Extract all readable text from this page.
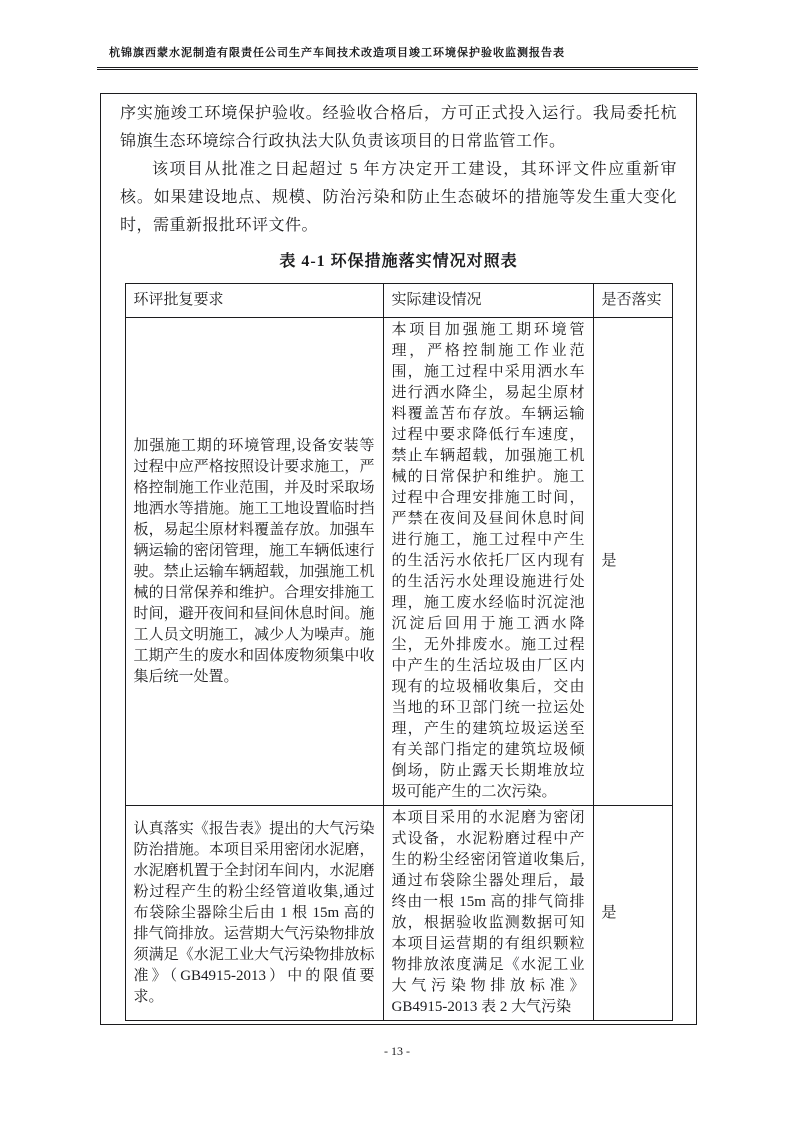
杭锦旗西蒙水泥制造有限责任公司生产车间技术改造项目竣工环境保护验收监测报告表

序实施竣工环境保护验收。经验收合格后，方可正式投入运行。我局委托杭锦旗生态环境综合行政执法大队负责该项目的日常监管工作。

该项目从批准之日起超过 5 年方决定开工建设，其环评文件应重新审核。如果建设地点、规模、防治污染和防止生态破坏的措施等发生重大变化时，需重新报批环评文件。

表 4-1 环保措施落实情况对照表
环评批复要求	实际建设情况	是否落实
加强施工期的环境管理,设备安装等过程中应严格按照设计要求施工，严格控制施工作业范围，并及时采取场地洒水等措施。施工工地设置临时挡板，易起尘原材料覆盖存放。加强车辆运输的密闭管理，施工车辆低速行驶。禁止运输车辆超载，加强施工机械的日常保养和维护。合理安排施工时间，避开夜间和昼间休息时间。施工人员文明施工，减少人为噪声。施工期产生的废水和固体废物须集中收集后统一处置。	本项目加强施工期环境管理，严格控制施工作业范围，施工过程中采用洒水车进行洒水降尘，易起尘原材料覆盖苫布存放。车辆运输过程中要求降低行车速度，禁止车辆超载，加强施工机械的日常保护和维护。施工过程中合理安排施工时间，严禁在夜间及昼间休息时间进行施工，施工过程中产生的生活污水依托厂区内现有的生活污水处理设施进行处理，施工废水经临时沉淀池沉淀后回用于施工洒水降尘，无外排废水。施工过程中产生的生活垃圾由厂区内现有的垃圾桶收集后，交由当地的环卫部门统一拉运处理，产生的建筑垃圾运送至有关部门指定的建筑垃圾倾倒场，防止露天长期堆放垃圾可能产生的二次污染。	是
认真落实《报告表》提出的大气污染防治措施。本项目采用密闭水泥磨，水泥磨机置于全封闭车间内，水泥磨粉过程产生的粉尘经管道收集,通过布袋除尘器除尘后由 1 根 15m 高的排气筒排放。运营期大气污染物排放须满足《水泥工业大气污染物排放标准》（GB4915-2013）中的限值要求。	本项目采用的水泥磨为密闭式设备，水泥粉磨过程中产生的粉尘经密闭管道收集后,通过布袋除尘器处理后，最终由一根 15m 高的排气筒排放，根据验收监测数据可知本项目运营期的有组织颗粒物排放浓度满足《水泥工业大气污染物排放标准》GB4915-2013 表 2 大气污染	是
- 13 -
